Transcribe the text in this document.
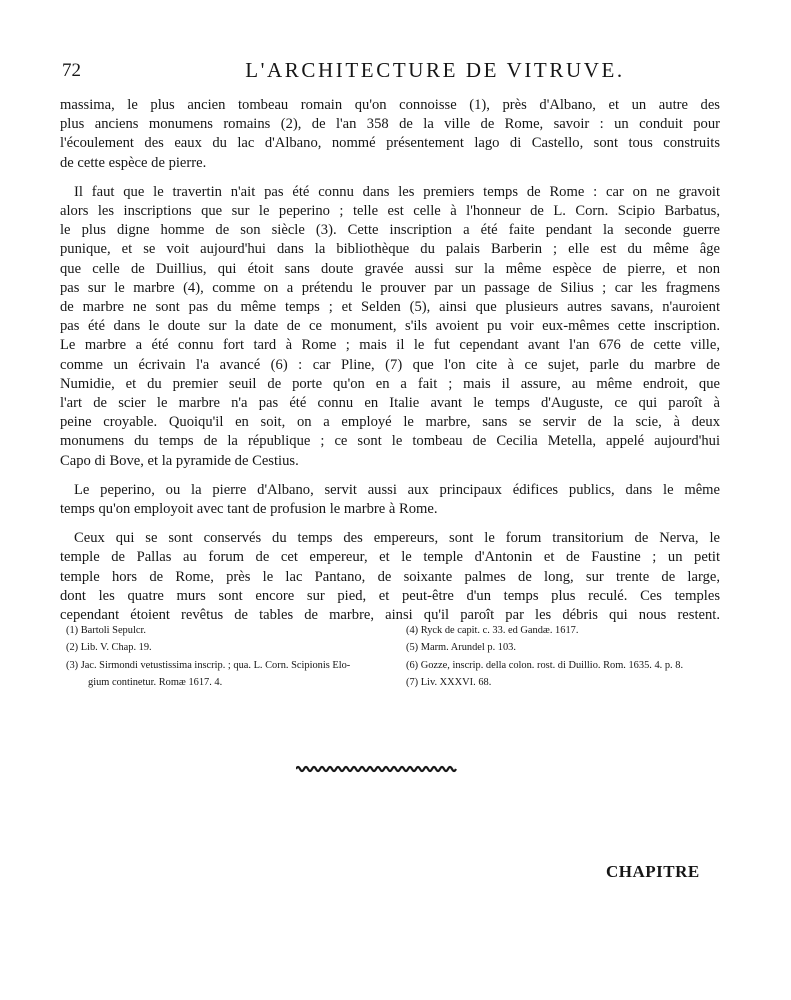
72	L'ARCHITECTURE DE VITRUVE.

massima, le plus ancien tombeau romain qu'on connoisse (1), près d'Albano, et un autre des
plus anciens monumens romains (2), de l'an 358 de la ville de Rome, savoir : un conduit pour
l'écoulement des eaux du lac d'Albano, nommé présentement lago di Castello, sont tous construits
de cette espèce de pierre.

Il faut que le travertin n'ait pas été connu dans les premiers temps de Rome : car on ne gravoit
alors les inscriptions que sur le peperino ; telle est celle à l'honneur de L. Corn. Scipio Barbatus,
le plus digne homme de son siècle (3). Cette inscription a été faite pendant la seconde guerre
punique, et se voit aujourd'hui dans la bibliothèque du palais Barberin ; elle est du même âge
que celle de Duillius, qui étoit sans doute gravée aussi sur la même espèce de pierre, et non
pas sur le marbre (4), comme on a prétendu le prouver par un passage de Silius ; car les fragmens
de marbre ne sont pas du même temps ; et Selden (5), ainsi que plusieurs autres savans, n'auroient
pas été dans le doute sur la date de ce monument, s'ils avoient pu voir eux-mêmes cette inscription.
Le marbre a été connu fort tard à Rome ; mais il le fut cependant avant l'an 676 de cette ville,
comme un écrivain l'a avancé (6) : car Pline, (7) que l'on cite à ce sujet, parle du marbre de
Numidie, et du premier seuil de porte qu'on en a fait ; mais il assure, au même endroit, que
l'art de scier le marbre n'a pas été connu en Italie avant le temps d'Auguste, ce qui paroît à
peine croyable. Quoiqu'il en soit, on a employé le marbre, sans se servir de la scie, à deux
monumens du temps de la république ; ce sont le tombeau de Cecilia Metella, appelé aujourd'hui
Capo di Bove, et la pyramide de Cestius.

Le peperino, ou la pierre d'Albano, servit aussi aux principaux édifices publics, dans le même
temps qu'on employoit avec tant de profusion le marbre à Rome.

Ceux qui se sont conservés du temps des empereurs, sont le forum transitorium de Nerva, le
temple de Pallas au forum de cet empereur, et le temple d'Antonin et de Faustine ; un petit
temple hors de Rome, près le lac Pantano, de soixante palmes de long, sur trente de large,
dont les quatre murs sont encore sur pied, et peut-être d'un temps plus reculé. Ces temples
cependant étoient revêtus de tables de marbre, ainsi qu'il paroît par les débris qui nous restent.

(1) Bartoli Sepulcr.
(2) Lib. V. Chap. 19.
(3) Jac. Sirmondi vetustissima inscrip. ; qua. L. Corn. Scipionis Elo-
gium continetur. Romæ 1617. 4.
(4) Ryck de capit. c. 33. ed Gandæ. 1617.
(5) Marm. Arundel p. 103.
(6) Gozze, inscrip. della colon. rost. di Duillio. Rom. 1635. 4. p. 8.
(7) Liv. XXXVI. 68.
CHAPITRE
